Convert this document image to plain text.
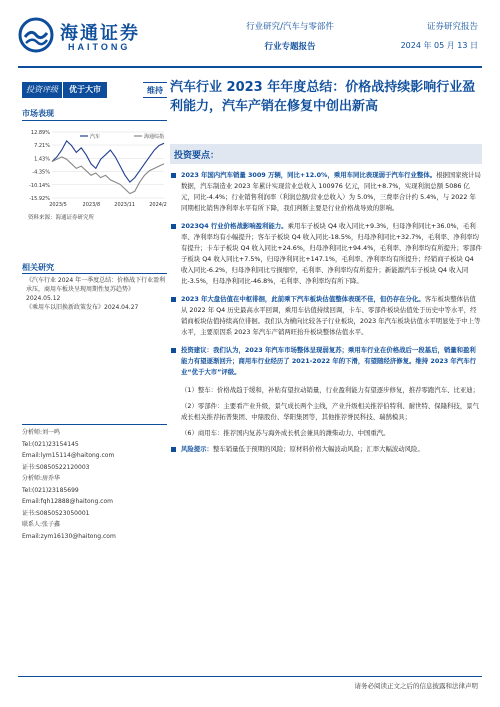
海通证券
HAITONG
行业研究/汽车与零部件
行业专题报告
证券研究报告
2024 年 05 月 13 日
投资评级	优于大市	维持
市场表现
12.89%
7.21%
1.43%
-4.35%
-10.14%
-15.92%
2023/5	2023/8	2023/11	2024/2
汽车	海通综指
资料来源：海通证券研究所
相关研究
《汽车行业 2024 年一季度总结：价格战下行业盈利承压，商用车板块呈现周期性复苏趋势》2024.05.12
《乘用车以旧换新政策发布》2024.04.27
分析师:刘一鸣
Tel:(021)23154145
Email:lym15114@haitong.com
证书:S0850522120003
分析师:房乔华
Tel:(021)23185699
Email:fqh12888@haitong.com
证书:S0850523050001
联系人:张子鑫
Email:zym16130@haitong.com
汽车行业 2023 年年度总结：价格战持续影响行业盈利能力，汽车产销在修复中创出新高
投资要点：
2023 年国内汽车销量 3009 万辆，同比+12.0%，乘用车同比表现弱于汽车行业整体。根据国家统计局数据，汽车制造业 2023 年累计实现营业总收入 100976 亿元，同比+8.7%，实现利润总额 5086 亿元，同比-4.4%；行业销售利润率（利润总额/营业总收入）为 5.0%，三费率合计约 5.4%，与 2022 年同期相比销售净利率水平有所下降，我们判断主要是行业价格战导致的影响。
2023Q4 行业价格战影响盈利能力。乘用车子板块 Q4 收入同比+9.3%，归母净利同比+36.0%，毛利率、净利率均有小幅提升；客车子板块 Q4 收入同比-18.5%，归母净利同比+32.7%，毛利率、净利率均有提升；卡车子板块 Q4 收入同比+24.6%，归母净利同比+94.4%，毛利率、净利率均有所提升；零部件子板块 Q4 收入同比+7.5%，归母净利同比+147.1%，毛利率、净利率均有所提升；经销商子板块 Q4 收入同比-6.2%，归母净利同比亏损缩窄，毛利率、净利率均有所提升；新能源汽车子板块 Q4 收入同比-3.5%，归母净利同比-46.8%，毛利率、净利率均有所下降。
2023 年大盘估值在中枢徘徊，此前乘下汽车板块估值整体表现不佳，但仍存在分化。客车板块整体估值从 2022 年 Q4 历史最高水平回调，乘用车估值持续回调，卡车、零部件板块估值处于历史中等水平，经销商板块估值持续高位徘徊。我们认为横向比较各子行业板块，2023 年汽车板块估值水平明显处于中上等水平，主要原因系 2023 年汽车产销两旺抬升板块整体估值水平。
投资建议：我们认为，2023 年汽车市场整体呈现弱复苏；乘用车行业在价格战后一段基后，销量和盈利能力有望逐渐回升；商用车行业经历了 2021-2022 年的下滑，有望随经济修复。维持 2023 年汽车行业“优于大市”评级。
（1）整车：价格战趋于缓和，补贴有望拉动销量，行业盈利能力有望逐步修复，推荐零跑汽车、比亚迪；
（2）零部件：主要看产业升级，景气成长两个主线，产业升级相关推荐伯特利、耐世特、保隆科技，景气成长相关推荐拓普集团、中鼎股份、华阳集团等，其他推荐誉民科技、瑞鹄模具；
（6）商用车：推荐国内复苏与海外成长机会兼具的潍柴动力、中国重汽。
风险提示：整车销量低于预期的风险；原材料价格大幅波动风险；汇率大幅波动风险。
请务必阅读正文之后的信息披露和法律声明
